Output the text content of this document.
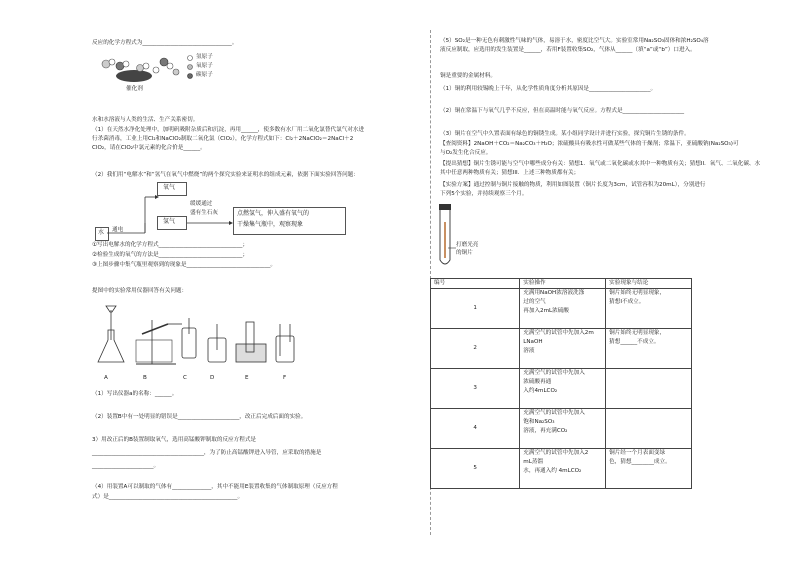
反应的化学方程式为________________________________。
氢原子
氧原子
碳原子
催化剂
水和水溶液与人类的生活、生产关系密切。
（1）在天然水净化处理中，加明矾吸附杂质后和沉淀，再用______，使多数有水厂用二氧化氯替代氯气对水进
行杀菌消毒，工业上用Cl₂和NaClO₂制取二氧化氯（ClO₂），化学方程式如下：Cl₂＋2NaClO₂＝2NaCl＋2
ClO₂，请在ClO₂中氯元素的化合价是______。
（2）我们用“电解水”和“氢气在氧气中燃烧”的两个探究实验来证明水的组成元素，依据下面实验回答问题：
水 通电
氧气
氢气
缓缓通过
盛有生石灰	点燃氢气，伸入盛有氧气的
干燥集气瓶中，观察现象
①写出电解水的化学方程式______________________________；
②检验生成的氧气的方法是______________________________；
③上图步骤中集气瓶里观察到的现象是______________________________。
提图中的实验常用仪器回答有关问题：
A	B	C	D	E	F
（1）写出仪器a的名称：______。
（2）装置B中有一处明显的错误是______________________，改正后完成后面的实验。
3）用改正后的B装置制取氧气，选用高锰酸钾制取的反应方程式是
________________________________________，为了防止高锰酸钾进入导管，应采取的措施是
______________________。
（4）用装置A可以制取的气体有______________，其中不能用E装置收集的气体制取原理（反应方程
式）是______________________________________________。
（5）SO₂是一种无色有刺激性气味的气体，易溶于水，密度比空气大。实验室常用Na₂SO₃固体和浓H₂SO₄溶
液反应制取，应选用的发生装置是______，若用F装置收集SO₂，气体从______（填“a”或“b”）口进入。
铜是重要的金属材料。
（1）铜的利用较锡晚上千年，从化学性质角度分析其原因是______________________。
（2）铜在常温下与氧气几乎不反应，但在高温时能与氧气反应。方程式是______________________
（3）铜片在空气中久置表面有绿色的铜锈生成。某小组同学设计并进行实验，探究铜片生锈的条件。
【查阅资料】2NaOH＋CO₂＝Na₂CO₃＋H₂O；浓硫酸具有吸水性可做某些气体的干燥剂；常温下，亚硫酸钠(Na₂SO₃)可
与O₂发生化合反应。
【提出猜想】铜片生锈可能与空气中哪些成分有关：猜想1．氧气或二氧化碳或水其中一种物质有关；猜想II．氧气、二氧化碳、水
其中任意两种物质有关；猜想III．上述三种物质都有关；
【实验方案】通过控制与铜片接触的物质，利用如图装置（铜片长度为3cm，试管容积为20mL），分别进行
下列5个实验，并持续观察三个月。
打磨光亮
的铜片
编号	实验操作	实验现象与结论
1	充满用NaOH浓溶液洗涤
过的空气
再加入2mL浓硫酸	铜片始终无明显现象，
猜想I不成立。

2	充满空气的试管中先加入2m
LNaOH
溶液	铜片始终无明显现象，
猜想______不成立。

3	充满空气的试管中先加入
浓硫酸再通
入约4mLCO₂	

4	充满空气的试管中先加入
饱和Na₂SO₃
溶液，再充满CO₂	

5	充满空气的试管中先加入2
mL蒸馏
水，再通入约 4mLCO₂	铜片经一个月表面变绿
色，猜想________成立。
